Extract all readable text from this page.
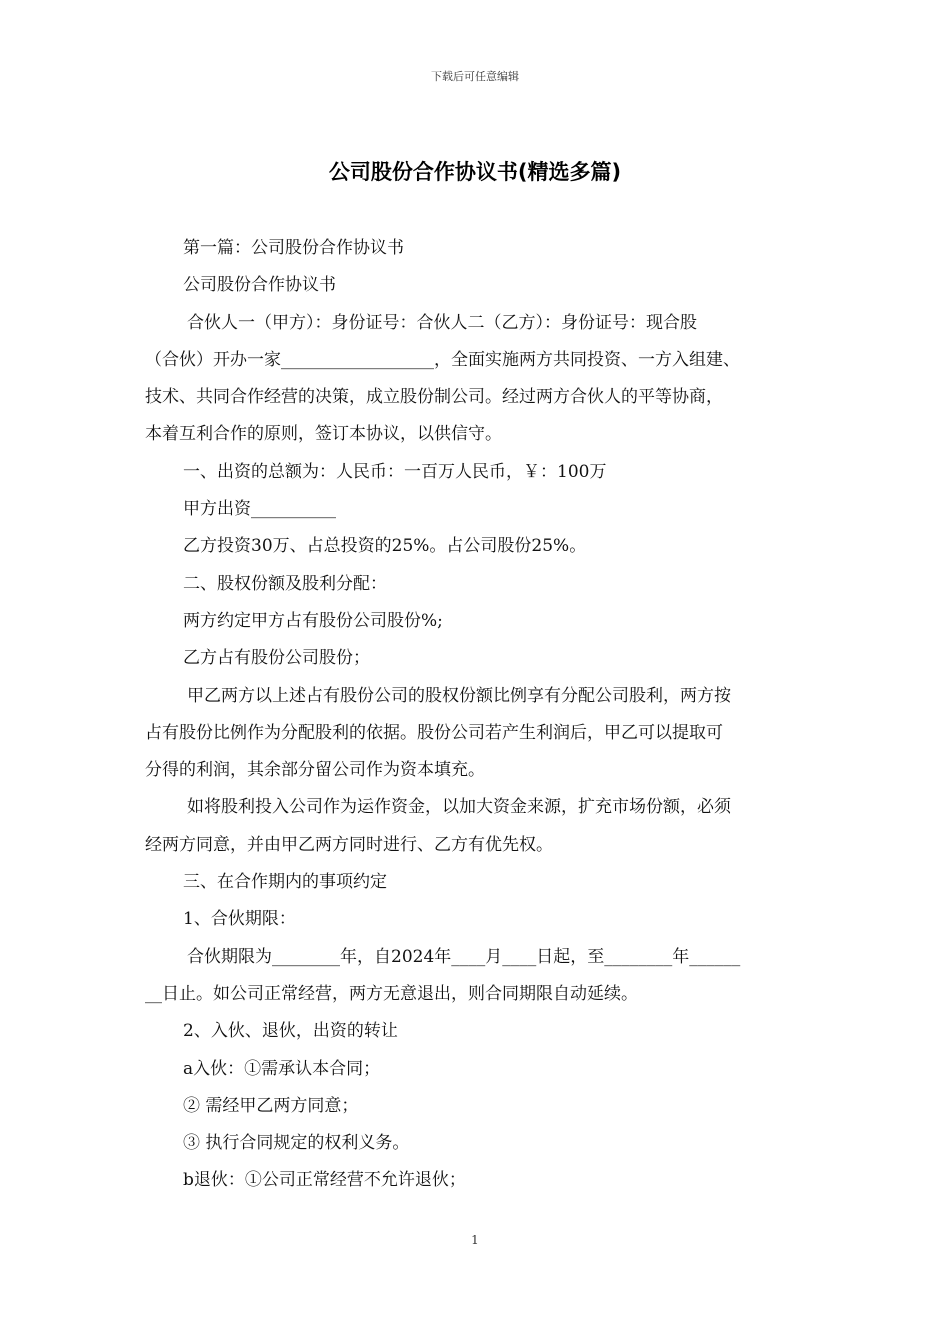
下载后可任意编辑
公司股份合作协议书(精选多篇)

第一篇：公司股份合作协议书

公司股份合作协议书

合伙人一（甲方）：身份证号：合伙人二（乙方）：身份证号：现合股

（合伙）开办一家__________________，全面实施两方共同投资、一方入组建、

技术、共同合作经营的决策，成立股份制公司。经过两方合伙人的平等协商，

本着互利合作的原则，签订本协议，以供信守。

一、出资的总额为：人民币：一百万人民币，￥：100万

甲方出资__________

乙方投资30万、占总投资的25%。占公司股份25%。

二、股权份额及股利分配：

两方约定甲方占有股份公司股份%;

乙方占有股份公司股份；

甲乙两方以上述占有股份公司的股权份额比例享有分配公司股利，两方按

占有股份比例作为分配股利的依据。股份公司若产生利润后，甲乙可以提取可

分得的利润，其余部分留公司作为资本填充。

如将股利投入公司作为运作资金，以加大资金来源，扩充市场份额，必须

经两方同意，并由甲乙两方同时进行、乙方有优先权。

三、在合作期内的事项约定

1、合伙期限：

合伙期限为________年，自2024年____月____日起，至________年______

__日止。如公司正常经营，两方无意退出，则合同期限自动延续。

2、入伙、退伙，出资的转让

a入伙：①需承认本合同；

② 需经甲乙两方同意；

③ 执行合同规定的权利义务。

b退伙：①公司正常经营不允许退伙；

1
